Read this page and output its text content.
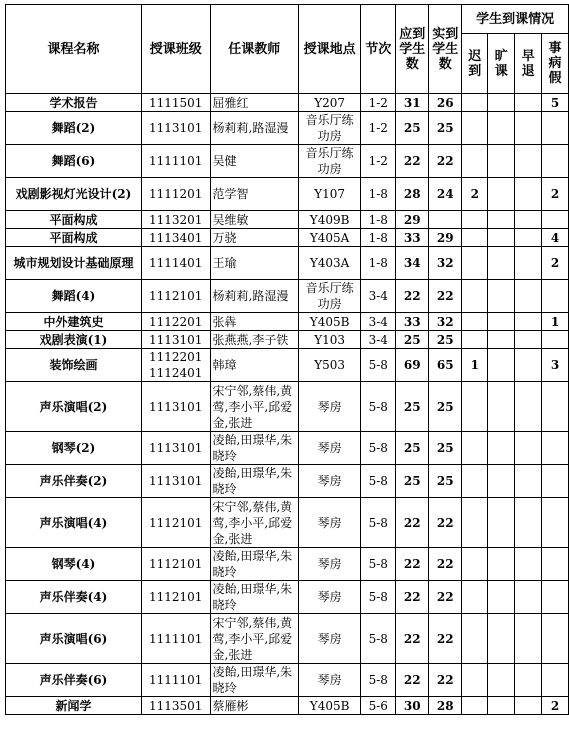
课程名称	授课班级	任课教师	授课地点	节次	应到学生数	实到学生数	学生到课情况			
							迟到	旷课	早退	事病假
学术报告	1111501	屈雅红	Y207	1-2	31	26				5
舞蹈(2)	1113101	杨莉莉,路湿漫	音乐厅练功房	1-2	25	25				
舞蹈(6)	1111101	吴健	音乐厅练功房	1-2	22	22				
戏剧影视灯光设计(2)	1111201	范学智	Y107	1-8	28	24	2			2
平面构成	1113201	吴维敏	Y409B	1-8	29					
平面构成	1113401	万骁	Y405A	1-8	33	29				4
城市规划设计基础原理	1111401	王瑜	Y403A	1-8	34	32				2
舞蹈(4)	1112101	杨莉莉,路湿漫	音乐厅练功房	3-4	22	22				
中外建筑史	1112201	张犇	Y405B	3-4	33	32				1
戏剧表演(1)	1113101	张燕燕,李子铁	Y103	3-4	25	25				
装饰绘画	1112201 1112401	韩璋	Y503	5-8	69	65	1			3
声乐演唱(2)	1113101	宋宁邻,蔡伟,黄莺,李小平,邱爱金,张进	琴房	5-8	25	25				
钢琴(2)	1113101	凌飴,田璟华,朱晓玲	琴房	5-8	25	25				
声乐伴奏(2)	1113101	凌飴,田璟华,朱晓玲	琴房	5-8	25	25				
声乐演唱(4)	1112101	宋宁邻,蔡伟,黄莺,李小平,邱爱金,张进	琴房	5-8	22	22				
钢琴(4)	1112101	凌飴,田璟华,朱晓玲	琴房	5-8	22	22				
声乐伴奏(4)	1112101	凌飴,田璟华,朱晓玲	琴房	5-8	22	22				
声乐演唱(6)	1111101	宋宁邻,蔡伟,黄莺,李小平,邱爱金,张进	琴房	5-8	22	22				
声乐伴奏(6)	1111101	凌飴,田璟华,朱晓玲	琴房	5-8	22	22				
新闻学	1113501	蔡雁彬	Y405B	5-6	30	28				2
